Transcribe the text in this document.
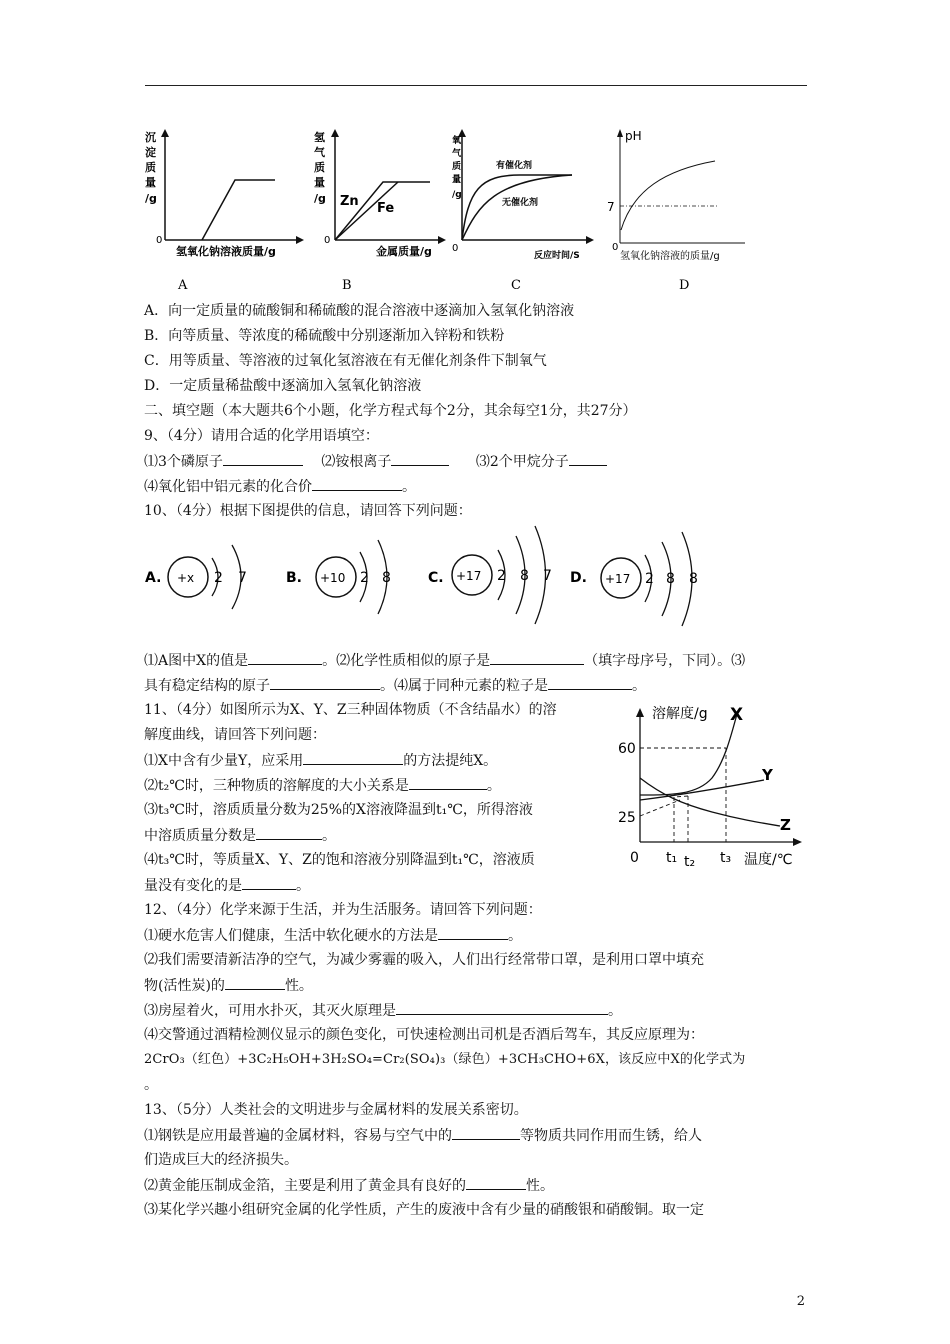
沉
淀
质
量
/g
氢氧化钠溶液质量/g
0
A
氢
气
质
量
/g
金属质量/g
Zn Fe
0
B
氧
气
质
量
/g
有催化剂
无催化剂
反应时间/S
0
C
pH
7
0
氢氧化钠溶液的质量/g
D
A．向一定质量的硫酸铜和稀硫酸的混合溶液中逐滴加入氢氧化钠溶液
B．向等质量、等浓度的稀硫酸中分别逐渐加入锌粉和铁粉
C．用等质量、等溶液的过氧化氢溶液在有无催化剂条件下制氧气
D．一定质量稀盐酸中逐滴加入氢氧化钠溶液
二、填空题（本大题共6个小题，化学方程式每个2分，其余每空1分，共27分）
9、（4分）请用合适的化学用语填空：
⑴3个磷原子	⑵铵根离子	⑶2个甲烷分子
⑷氧化铝中铝元素的化合价	。
10、（4分）根据下图提供的信息，请回答下列问题：
A. +x 2 7	B. +10 2 8	C. +17 2 8 7 D. +17 2 8 8
⑴A图中X的值是	。⑵化学性质相似的原子是	（填字母序号，下同）。⑶
具有稳定结构的原子	。⑷属于同种元素的粒子是	。
11、（4分）如图所示为X、Y、Z三种固体物质（不含结晶水）的溶
解度曲线，请回答下列问题：
⑴X中含有少量Y，应采用	的方法提纯X。
⑵t₂℃时，三种物质的溶解度的大小关系是	。
⑶t₃℃时，溶质质量分数为25%的X溶液降温到t₁℃，所得溶液
中溶质质量分数是	。
⑷t₃℃时，等质量X、Y、Z的饱和溶液分别降温到t₁℃，溶液质
量没有变化的是	。
溶解度/g X
Y
Z
60
25
0 t₁ t₂ t₃ 温度/℃
12、（4分）化学来源于生活，并为生活服务。请回答下列问题：
⑴硬水危害人们健康，生活中软化硬水的方法是	。
⑵我们需要清新洁净的空气，为减少雾霾的吸入，人们出行经常带口罩，是利用口罩中填充
物(活性炭)的	性。
⑶房屋着火，可用水扑灭，其灭火原理是	。
⑷交警通过酒精检测仪显示的颜色变化，可快速检测出司机是否酒后驾车，其反应原理为：
2CrO₃（红色）+3C₂H₅OH+3H₂SO₄=Cr₂(SO₄)₃（绿色）+3CH₃CHO+6X，该反应中X的化学式为
。
13、（5分）人类社会的文明进步与金属材料的发展关系密切。
⑴钢铁是应用最普遍的金属材料，容易与空气中的	等物质共同作用而生锈，给人
们造成巨大的经济损失。
⑵黄金能压制成金箔，主要是利用了黄金具有良好的	性。
⑶某化学兴趣小组研究金属的化学性质，产生的废液中含有少量的硝酸银和硝酸铜。取一定
2
